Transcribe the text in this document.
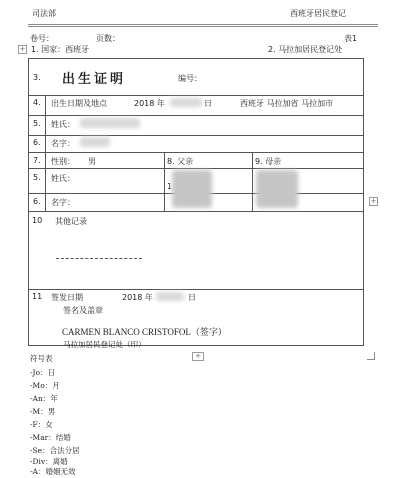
司法部	西班牙居民登记
卷号：	页数：	表1
+ 1. 国家：西班牙	2. 马拉加居民登记处
3. 出生证明	编号：
4. 出生日期及地点	2018 年	日	西班牙 马拉加省 马拉加市
5. 姓氏：
6. 名字：
7. 性别： 男	8. 父亲	9. 母亲
5. 姓氏：
1
6. 名字：	+
10 其他记录
11 签发日期	2018 年	日
签名及盖章
CARMEN BLANCO CRISTOFOL（签字）
马拉加居民登记处（印）
+
符号表
-Jo：日
-Mo：月
-An：年
-M：男
-F：女
-Mar：结婚
-Se：合法分居
-Div：离婚
-A：婚姻无效
